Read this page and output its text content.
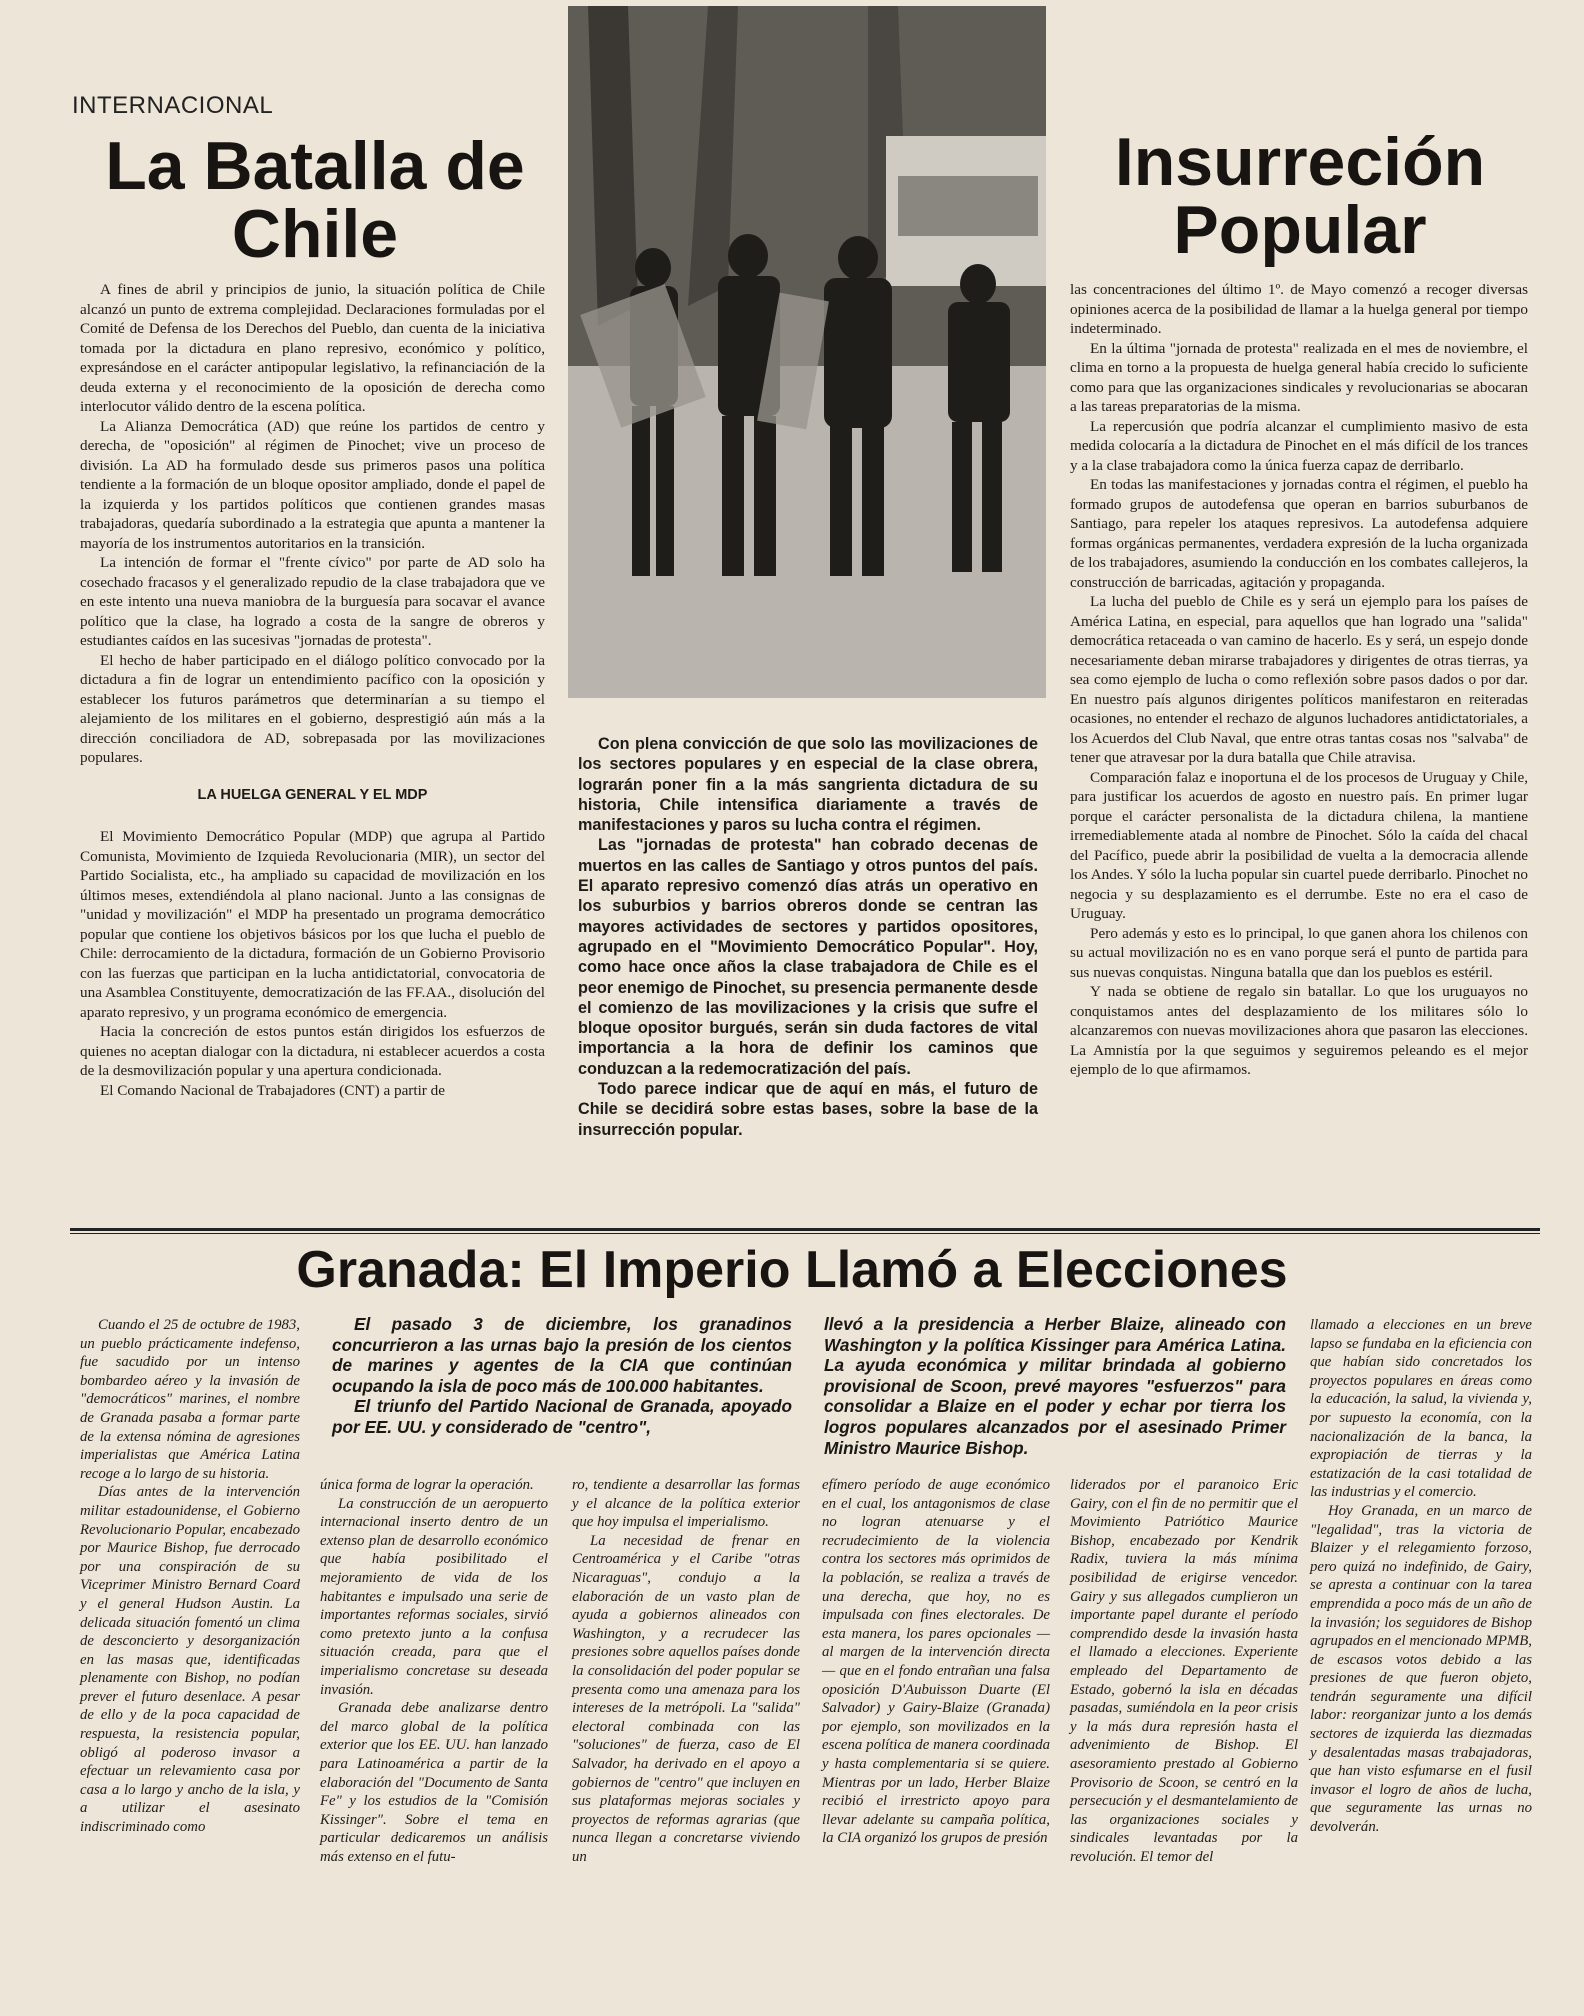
INTERNACIONAL
La Batalla de Chile
Insurreción Popular

A fines de abril y principios de junio, la situación política de Chile alcanzó un punto de extrema complejidad. Declaraciones formuladas por el Comité de Defensa de los Derechos del Pueblo, dan cuenta de la iniciativa tomada por la dictadura en plano represivo, económico y político, expresándose en el carácter antipopular legislativo, la refinanciación de la deuda externa y el reconocimiento de la oposición de derecha como interlocutor válido dentro de la escena política.

La Alianza Democrática (AD) que reúne los partidos de centro y derecha, de "oposición" al régimen de Pinochet; vive un proceso de división. La AD ha formulado desde sus primeros pasos una política tendiente a la formación de un bloque opositor ampliado, donde el papel de la izquierda y los partidos políticos que contienen grandes masas trabajadoras, quedaría subordinado a la estrategia que apunta a mantener la mayoría de los instrumentos autoritarios en la transición.

La intención de formar el "frente cívico" por parte de AD solo ha cosechado fracasos y el generalizado repudio de la clase trabajadora que ve en este intento una nueva maniobra de la burguesía para socavar el avance político que la clase, ha logrado a costa de la sangre de obreros y estudiantes caídos en las sucesivas "jornadas de protesta".

El hecho de haber participado en el diálogo político convocado por la dictadura a fin de lograr un entendimiento pacífico con la oposición y establecer los futuros parámetros que determinarían a su tiempo el alejamiento de los militares en el gobierno, desprestigió aún más a la dirección conciliadora de AD, sobrepasada por las movilizaciones populares.

LA HUELGA GENERAL Y EL MDP

El Movimiento Democrático Popular (MDP) que agrupa al Partido Comunista, Movimiento de Izquieda Revolucionaria (MIR), un sector del Partido Socialista, etc., ha ampliado su capacidad de movilización en los últimos meses, extendiéndola al plano nacional. Junto a las consignas de "unidad y movilización" el MDP ha presentado un programa democrático popular que contiene los objetivos básicos por los que lucha el pueblo de Chile: derrocamiento de la dictadura, formación de un Gobierno Provisorio con las fuerzas que participan en la lucha antidictatorial, convocatoria de una Asamblea Constituyente, democratización de las FF.AA., disolución del aparato represivo, y un programa económico de emergencia.

Hacia la concreción de estos puntos están dirigidos los esfuerzos de quienes no aceptan dialogar con la dictadura, ni establecer acuerdos a costa de la desmovilización popular y una apertura condicionada.

El Comando Nacional de Trabajadores (CNT) a partir de

Con plena convicción de que solo las movilizaciones de los sectores populares y en especial de la clase obrera, lograrán poner fin a la más sangrienta dictadura de su historia, Chile intensifica diariamente a través de manifestaciones y paros su lucha contra el régimen.

Las "jornadas de protesta" han cobrado decenas de muertos en las calles de Santiago y otros puntos del país. El aparato represivo comenzó días atrás un operativo en los suburbios y barrios obreros donde se centran las mayores actividades de sectores y partidos opositores, agrupado en el "Movimiento Democrático Popular". Hoy, como hace once años la clase trabajadora de Chile es el peor enemigo de Pinochet, su presencia permanente desde el comienzo de las movilizaciones y la crisis que sufre el bloque opositor burgués, serán sin duda factores de vital importancia a la hora de definir los caminos que conduzcan a la redemocratización del país.

Todo parece indicar que de aquí en más, el futuro de Chile se decidirá sobre estas bases, sobre la base de la insurrección popular.

las concentraciones del último 1º. de Mayo comenzó a recoger diversas opiniones acerca de la posibilidad de llamar a la huelga general por tiempo indeterminado.

En la última "jornada de protesta" realizada en el mes de noviembre, el clima en torno a la propuesta de huelga general había crecido lo suficiente como para que las organizaciones sindicales y revolucionarias se abocaran a las tareas preparatorias de la misma.

La repercusión que podría alcanzar el cumplimiento masivo de esta medida colocaría a la dictadura de Pinochet en el más difícil de los trances y a la clase trabajadora como la única fuerza capaz de derribarlo.

En todas las manifestaciones y jornadas contra el régimen, el pueblo ha formado grupos de autodefensa que operan en barrios suburbanos de Santiago, para repeler los ataques represivos. La autodefensa adquiere formas orgánicas permanentes, verdadera expresión de la lucha organizada de los trabajadores, asumiendo la conducción en los combates callejeros, la construcción de barricadas, agitación y propaganda.

La lucha del pueblo de Chile es y será un ejemplo para los países de América Latina, en especial, para aquellos que han logrado una "salida" democrática retaceada o van camino de hacerlo. Es y será, un espejo donde necesariamente deban mirarse trabajadores y dirigentes de otras tierras, ya sea como ejemplo de lucha o como reflexión sobre pasos dados o por dar. En nuestro país algunos dirigentes políticos manifestaron en reiteradas ocasiones, no entender el rechazo de algunos luchadores antidictatoriales, a los Acuerdos del Club Naval, que entre otras tantas cosas nos "salvaba" de tener que atravesar por la dura batalla que Chile atravisa.

Comparación falaz e inoportuna el de los procesos de Uruguay y Chile, para justificar los acuerdos de agosto en nuestro país. En primer lugar porque el carácter personalista de la dictadura chilena, la mantiene irremediablemente atada al nombre de Pinochet. Sólo la caída del chacal del Pacífico, puede abrir la posibilidad de vuelta a la democracia allende los Andes. Y sólo la lucha popular sin cuartel puede derribarlo. Pinochet no negocia y su desplazamiento es el derrumbe. Este no era el caso de Uruguay.

Pero además y esto es lo principal, lo que ganen ahora los chilenos con su actual movilización no es en vano porque será el punto de partida para sus nuevas conquistas. Ninguna batalla que dan los pueblos es estéril.

Y nada se obtiene de regalo sin batallar. Lo que los uruguayos no conquistamos antes del desplazamiento de los militares sólo lo alcanzaremos con nuevas movilizaciones ahora que pasaron las elecciones. La Amnistía por la que seguimos y seguiremos peleando es el mejor ejemplo de lo que afirmamos.

Granada: El Imperio Llamó a Elecciones

El pasado 3 de diciembre, los granadinos concurrieron a las urnas bajo la presión de los cientos de marines y agentes de la CIA que continúan ocupando la isla de poco más de 100.000 habitantes.

El triunfo del Partido Nacional de Granada, apoyado por EE. UU. y considerado de "centro",

llevó a la presidencia a Herber Blaize, alineado con Washington y la política Kissinger para América Latina. La ayuda económica y militar brindada al gobierno provisional de Scoon, prevé mayores "esfuerzos" para consolidar a Blaize en el poder y echar por tierra los logros populares alcanzados por el asesinado Primer Ministro Maurice Bishop.

Cuando el 25 de octubre de 1983, un pueblo prácticamente indefenso, fue sacudido por un intenso bombardeo aéreo y la invasión de "democráticos" marines, el nombre de Granada pasaba a formar parte de la extensa nómina de agresiones imperialistas que América Latina recoge a lo largo de su historia.

Días antes de la intervención militar estadounidense, el Gobierno Revolucionario Popular, encabezado por Maurice Bishop, fue derrocado por una conspiración de su Viceprimer Ministro Bernard Coard y el general Hudson Austin. La delicada situación fomentó un clima de desconcierto y desorganización en las masas que, identificadas plenamente con Bishop, no podían prever el futuro desenlace. A pesar de ello y de la poca capacidad de respuesta, la resistencia popular, obligó al poderoso invasor a efectuar un relevamiento casa por casa a lo largo y ancho de la isla, y a utilizar el asesinato indiscriminado como

única forma de lograr la operación.

La construcción de un aeropuerto internacional inserto dentro de un extenso plan de desarrollo económico que había posibilitado el mejoramiento de vida de los habitantes e impulsado una serie de importantes reformas sociales, sirvió como pretexto junto a la confusa situación creada, para que el imperialismo concretase su deseada invasión.

Granada debe analizarse dentro del marco global de la política exterior que los EE. UU. han lanzado para Latinoamérica a partir de la elaboración del "Documento de Santa Fe" y los estudios de la "Comisión Kissinger". Sobre el tema en particular dedicaremos un análisis más extenso en el futu-

ro, tendiente a desarrollar las formas y el alcance de la política exterior que hoy impulsa el imperialismo.

La necesidad de frenar en Centroamérica y el Caribe "otras Nicaraguas", condujo a la elaboración de un vasto plan de ayuda a gobiernos alineados con Washington, y a recrudecer las presiones sobre aquellos países donde la consolidación del poder popular se presenta como una amenaza para los intereses de la metrópoli. La "salida" electoral combinada con las "soluciones" de fuerza, caso de El Salvador, ha derivado en el apoyo a gobiernos de "centro" que incluyen en sus plataformas mejoras sociales y proyectos de reformas agrarias (que nunca llegan a concretarse viviendo un

efímero período de auge económico en el cual, los antagonismos de clase no logran atenuarse y el recrudecimiento de la violencia contra los sectores más oprimidos de la población, se realiza a través de una derecha, que hoy, no es impulsada con fines electorales. De esta manera, los pares opcionales —al margen de la intervención directa— que en el fondo entrañan una falsa oposición D'Aubuisson Duarte (El Salvador) y Gairy-Blaize (Granada) por ejemplo, son movilizados en la escena política de manera coordinada y hasta complementaria si se quiere. Mientras por un lado, Herber Blaize recibió el irrestricto apoyo para llevar adelante su campaña política, la CIA organizó los grupos de presión

liderados por el paranoico Eric Gairy, con el fin de no permitir que el Movimiento Patriótico Maurice Bishop, encabezado por Kendrik Radix, tuviera la más mínima posibilidad de erigirse vencedor. Gairy y sus allegados cumplieron un importante papel durante el período comprendido desde la invasión hasta el llamado a elecciones. Experiente empleado del Departamento de Estado, gobernó la isla en décadas pasadas, sumiéndola en la peor crisis y la más dura represión hasta el advenimiento de Bishop. El asesoramiento prestado al Gobierno Provisorio de Scoon, se centró en la persecución y el desmantelamiento de las organizaciones sociales y sindicales levantadas por la revolución. El temor del

llamado a elecciones en un breve lapso se fundaba en la eficiencia con que habían sido concretados los proyectos populares en áreas como la educación, la salud, la vivienda y, por supuesto la economía, con la nacionalización de la banca, la expropiación de tierras y la estatización de la casi totalidad de las industrias y el comercio.

Hoy Granada, en un marco de "legalidad", tras la victoria de Blaizer y el relegamiento forzoso, pero quizá no indefinido, de Gairy, se apresta a continuar con la tarea emprendida a poco más de un año de la invasión; los seguidores de Bishop agrupados en el mencionado MPMB, de escasos votos debido a las presiones de que fueron objeto, tendrán seguramente una difícil labor: reorganizar junto a los demás sectores de izquierda las diezmadas y desalentadas masas trabajadoras, que han visto esfumarse en el fusil invasor el logro de años de lucha, que seguramente las urnas no devolverán.
